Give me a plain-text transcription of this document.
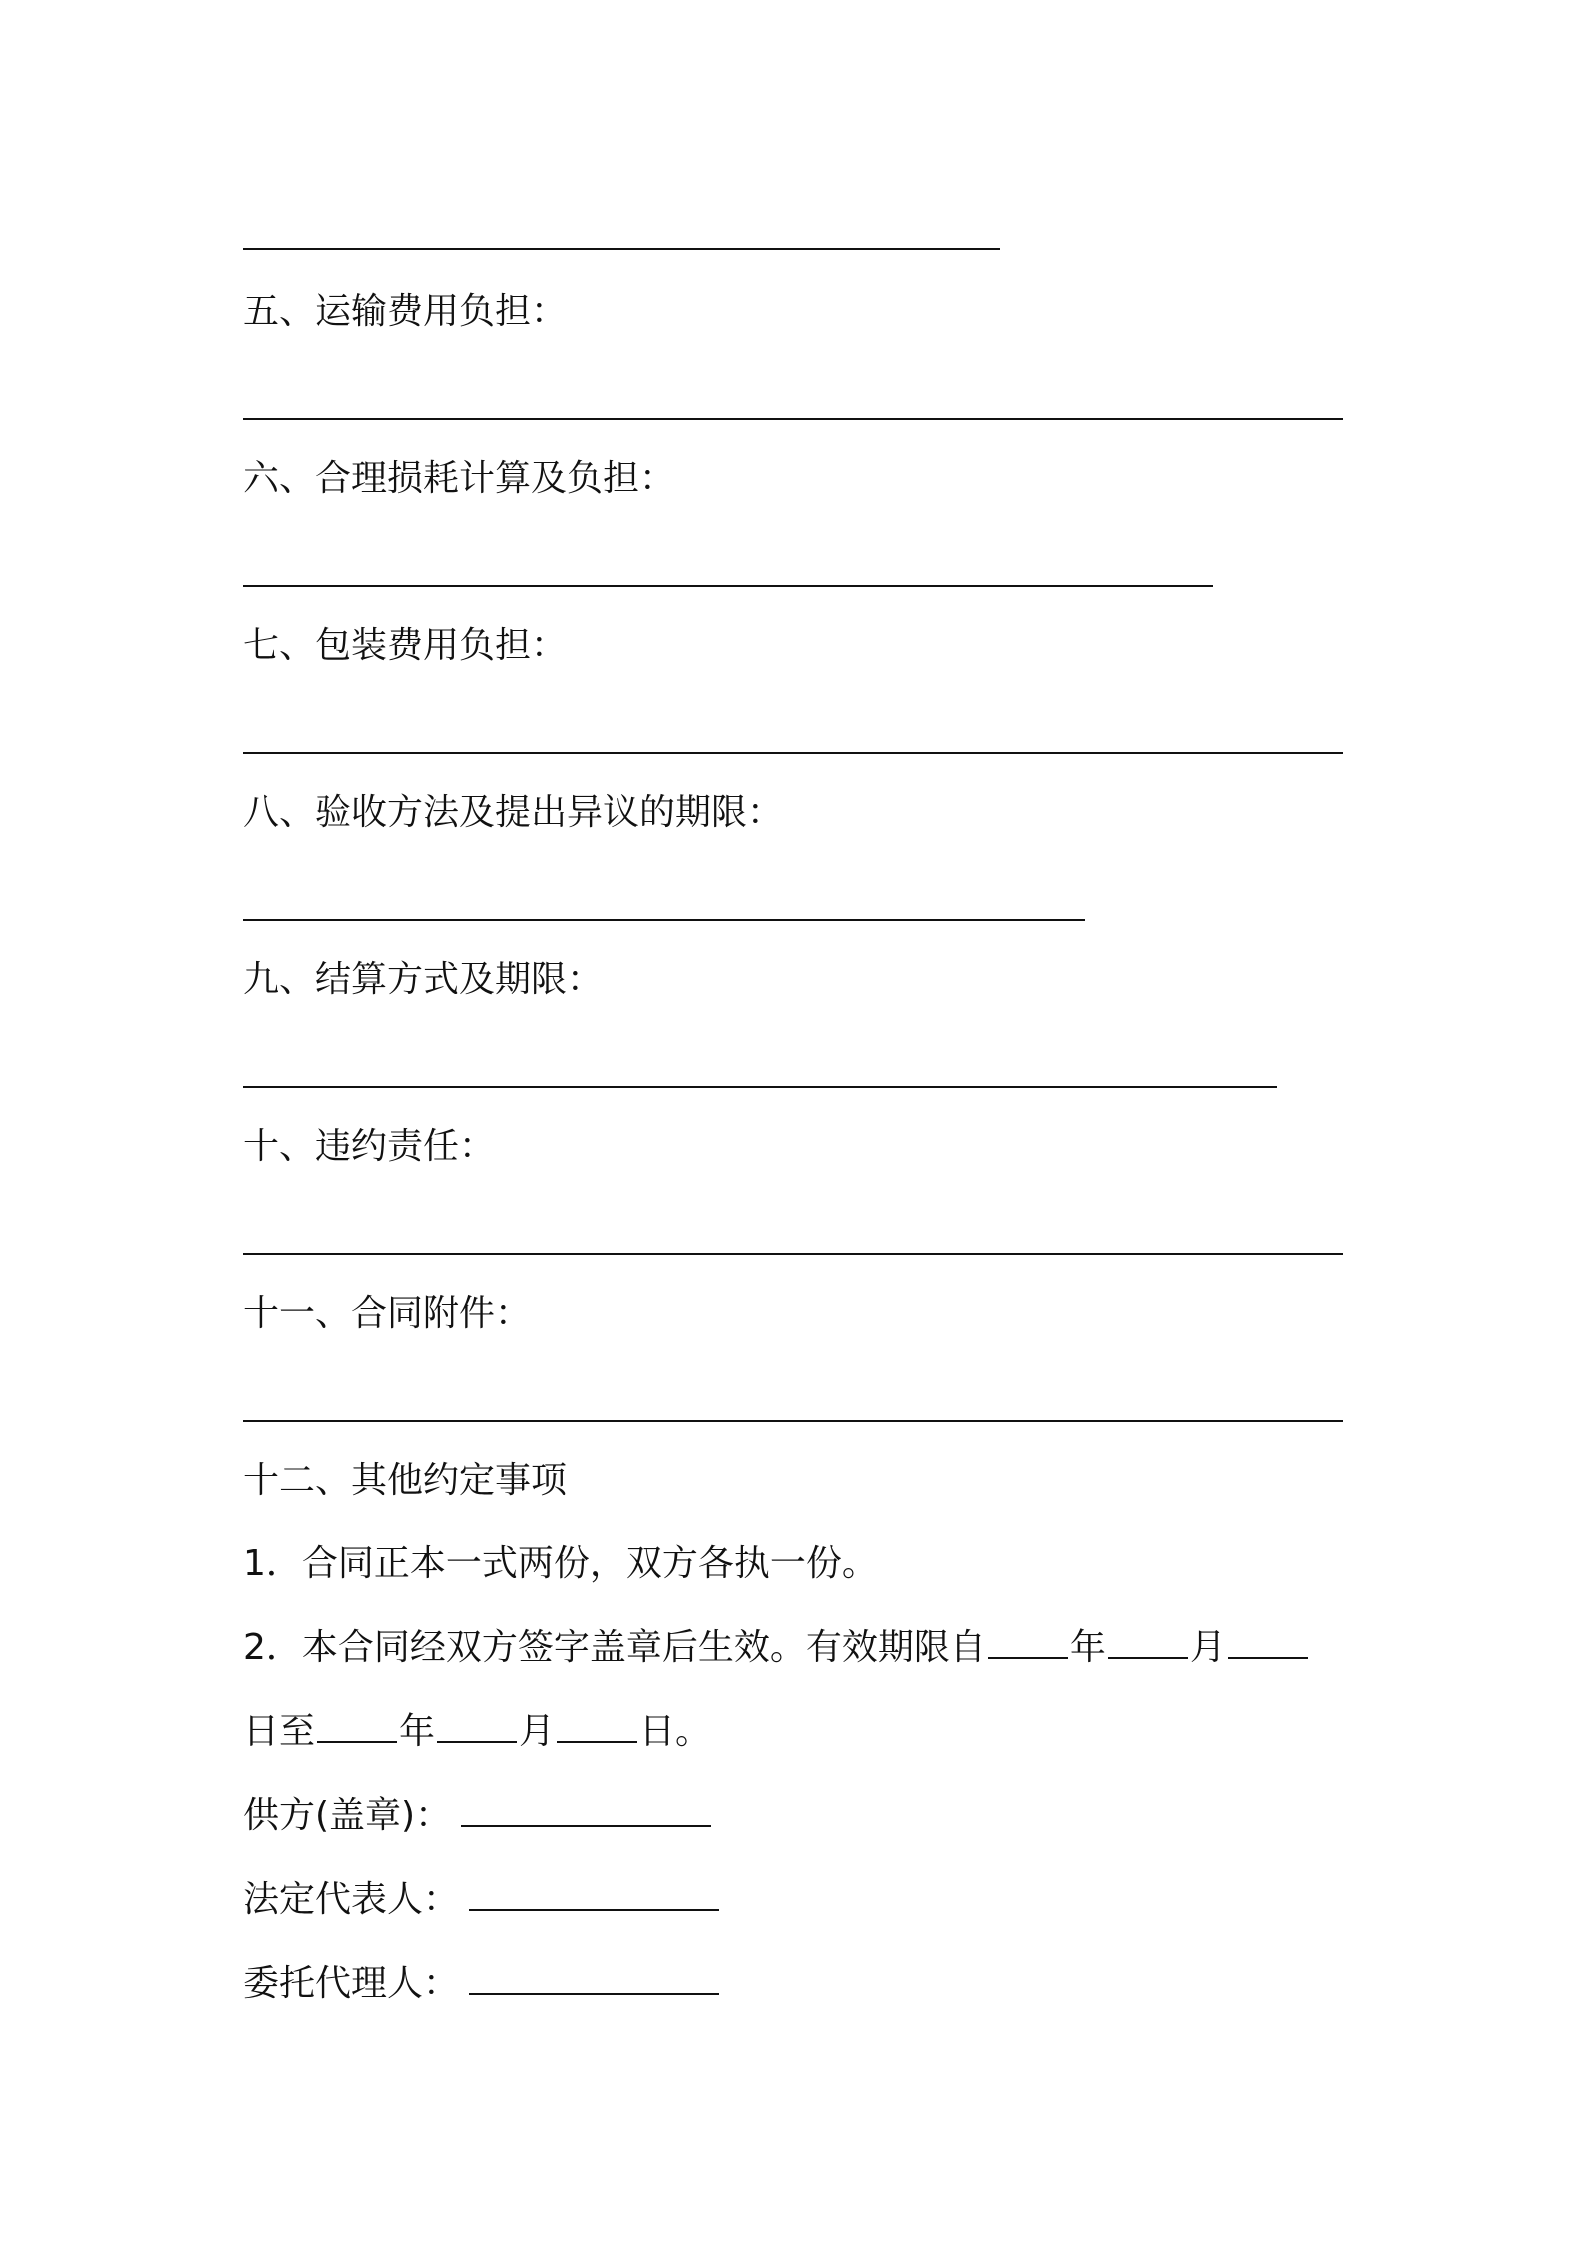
五、运输费用负担：
六、合理损耗计算及负担：
七、包装费用负担：
八、验收方法及提出异议的期限：
九、结算方式及期限：
十、违约责任：
十一、合同附件：
十二、其他约定事项
1．合同正本一式两份，双方各执一份。
2．本合同经双方签字盖章后生效。有效期限自 年 月
日至 年 月 日。
供方(盖章)：
法定代表人：
委托代理人：
